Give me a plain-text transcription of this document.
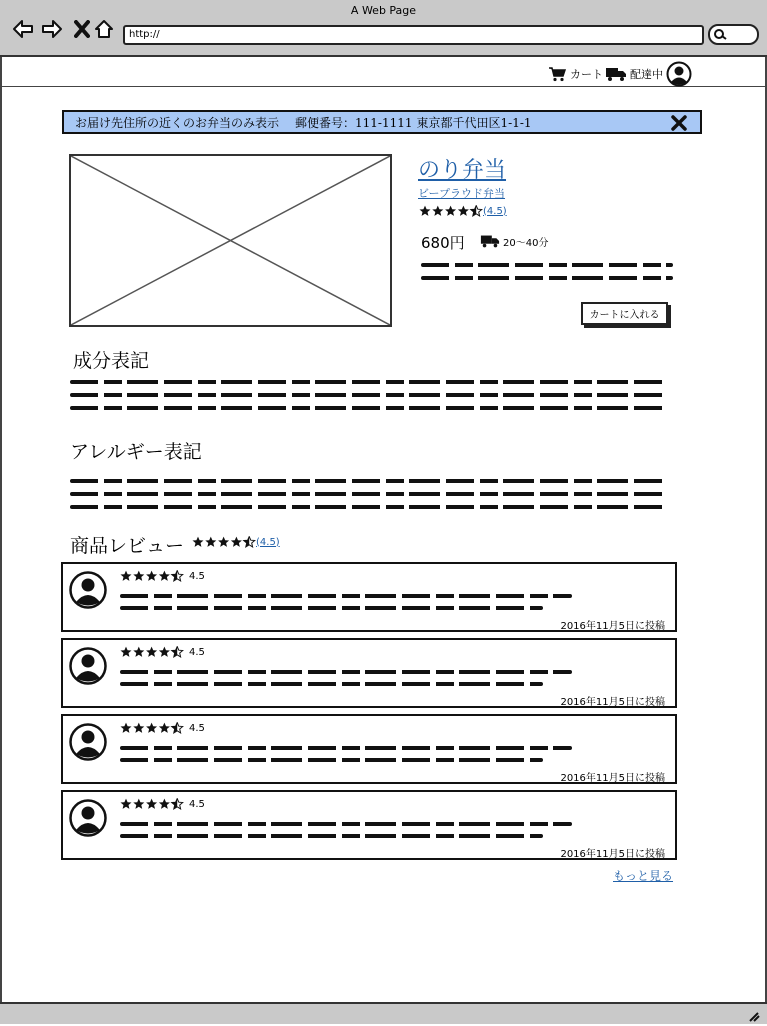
A Web Page
http://
カート 配達中
お届け先住所の近くのお弁当のみ表示 郵便番号：111-1111 東京都千代田区1-1-1
のり弁当
ビープラウド弁当
(4.5)
680円	20〜40分
カートに入れる
成分表記
アレルギー表記
商品レビュー	(4.5)
4.5
2016年11月5日に投稿
4.5
2016年11月5日に投稿
4.5
2016年11月5日に投稿
4.5
2016年11月5日に投稿
もっと見る
